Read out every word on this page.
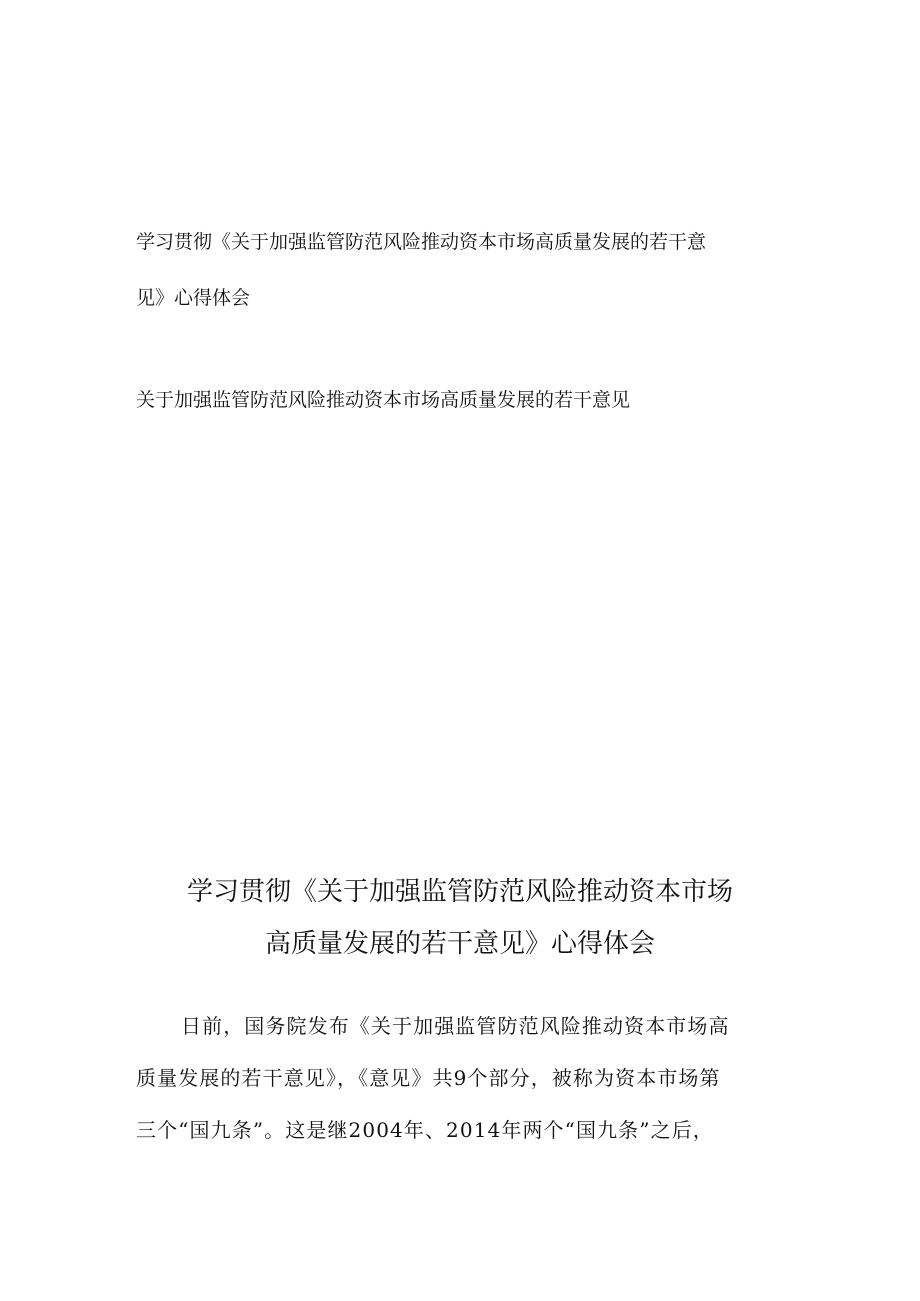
学习贯彻《关于加强监管防范风险推动资本市场高质量发展的若干意

见》心得体会

关于加强监管防范风险推动资本市场高质量发展的若干意见

学习贯彻《关于加强监管防范风险推动资本市场
高质量发展的若干意见》心得体会
日前，国务院发布《关于加强监管防范风险推动资本市场高
质量发展的若干意见》，《意见》共9个部分，被称为资本市场第
三个“国九条”。这是继2004年、2014年两个“国九条”之后，
